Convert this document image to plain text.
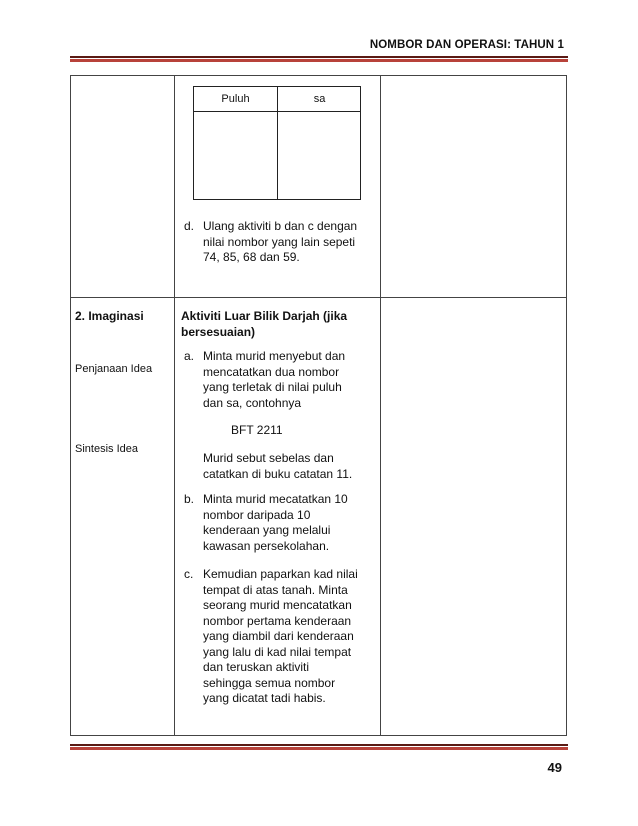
NOMBOR DAN OPERASI: TAHUN 1
Puluh	sa
d. Ulang aktiviti b dan c dengan
nilai nombor yang lain sepeti
74, 85, 68 dan 59.
2. Imaginasi
Penjanaan Idea
Sintesis Idea
Aktiviti Luar Bilik Darjah (jika
bersesuaian)
a. Minta murid menyebut dan
mencatatkan dua nombor
yang terletak di nilai puluh
dan sa, contohnya
BFT 2211
Murid sebut sebelas dan
catatkan di buku catatan 11.
b. Minta murid mecatatkan 10
nombor daripada 10
kenderaan yang melalui
kawasan persekolahan.
c. Kemudian paparkan kad nilai
tempat di atas tanah. Minta
seorang murid mencatatkan
nombor pertama kenderaan
yang diambil dari kenderaan
yang lalu di kad nilai tempat
dan teruskan aktiviti
sehingga semua nombor
yang dicatat tadi habis.
49
